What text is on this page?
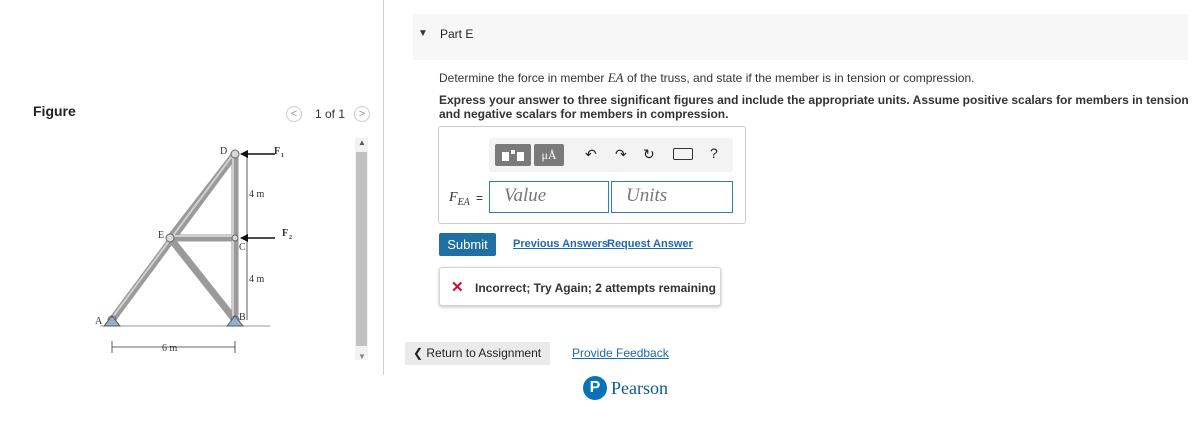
Figure	<	1 of 1	>
A	B
C
D
E
F 1
F 2
4 m
4 m
6 m
▲
▼
▼ Part E
Determine the force in member EA of the truss, and state if the member is in tension or compression.
Express your answer to three significant figures and include the appropriate units. Assume positive scalars for members in tension and negative scalars for members in compression.
μÅ	↶ ↷ ↻	?
$F_{EA}$ =	Value	Units
Submit	Previous Answers Request Answer
✕ Incorrect; Try Again; 2 attempts remaining
❮ Return to Assignment	Provide Feedback
P Pearson
